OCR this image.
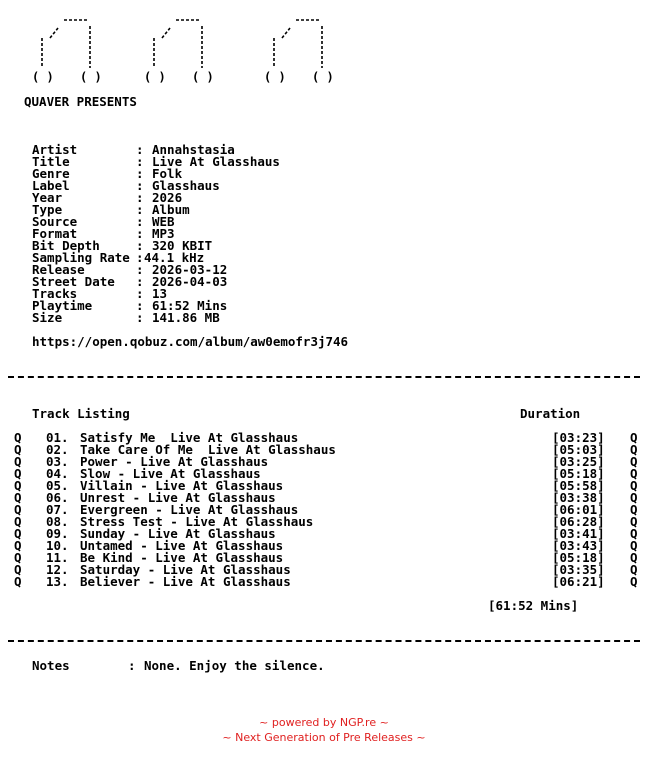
( ) ( )	( ) ( )	( ) ( )
QUAVER PRESENTS
Artist	: Annahstasia
Title	: Live At Glasshaus
Genre	: Folk
Label	: Glasshaus
Year	: 2026
Type	: Album
Source	: WEB
Format	: MP3
Bit Depth	: 320 KBIT
Sampling Rate : 44.1 kHz
Release	: 2026-03-12
Street Date : 2026-04-03
Tracks	: 13
Playtime	: 61:52 Mins
Size	: 141.86 MB
https://open.qobuz.com/album/aw0emofr3j746
Track Listing	Duration
Q 01. Satisfy Me  Live At Glasshaus	[03:23] Q
Q 02. Take Care Of Me  Live At Glasshaus	[05:03] Q
Q 03. Power - Live At Glasshaus	[03:25] Q
Q 04. Slow - Live At Glasshaus	[05:18] Q
Q 05. Villain - Live At Glasshaus	[05:58] Q
Q 06. Unrest - Live At Glasshaus	[03:38] Q
Q 07. Evergreen - Live At Glasshaus	[06:01] Q
Q 08. Stress Test - Live At Glasshaus	[06:28] Q
Q 09. Sunday - Live At Glasshaus	[03:41] Q
Q 10. Untamed - Live At Glasshaus	[03:43] Q
Q 11. Be Kind - Live At Glasshaus	[05:18] Q
Q 12. Saturday - Live At Glasshaus	[03:35] Q
Q 13. Believer - Live At Glasshaus	[06:21] Q
[61:52 Mins]
Notes	: None. Enjoy the silence.
~ powered by NGP.re ~
~ Next Generation of Pre Releases ~
